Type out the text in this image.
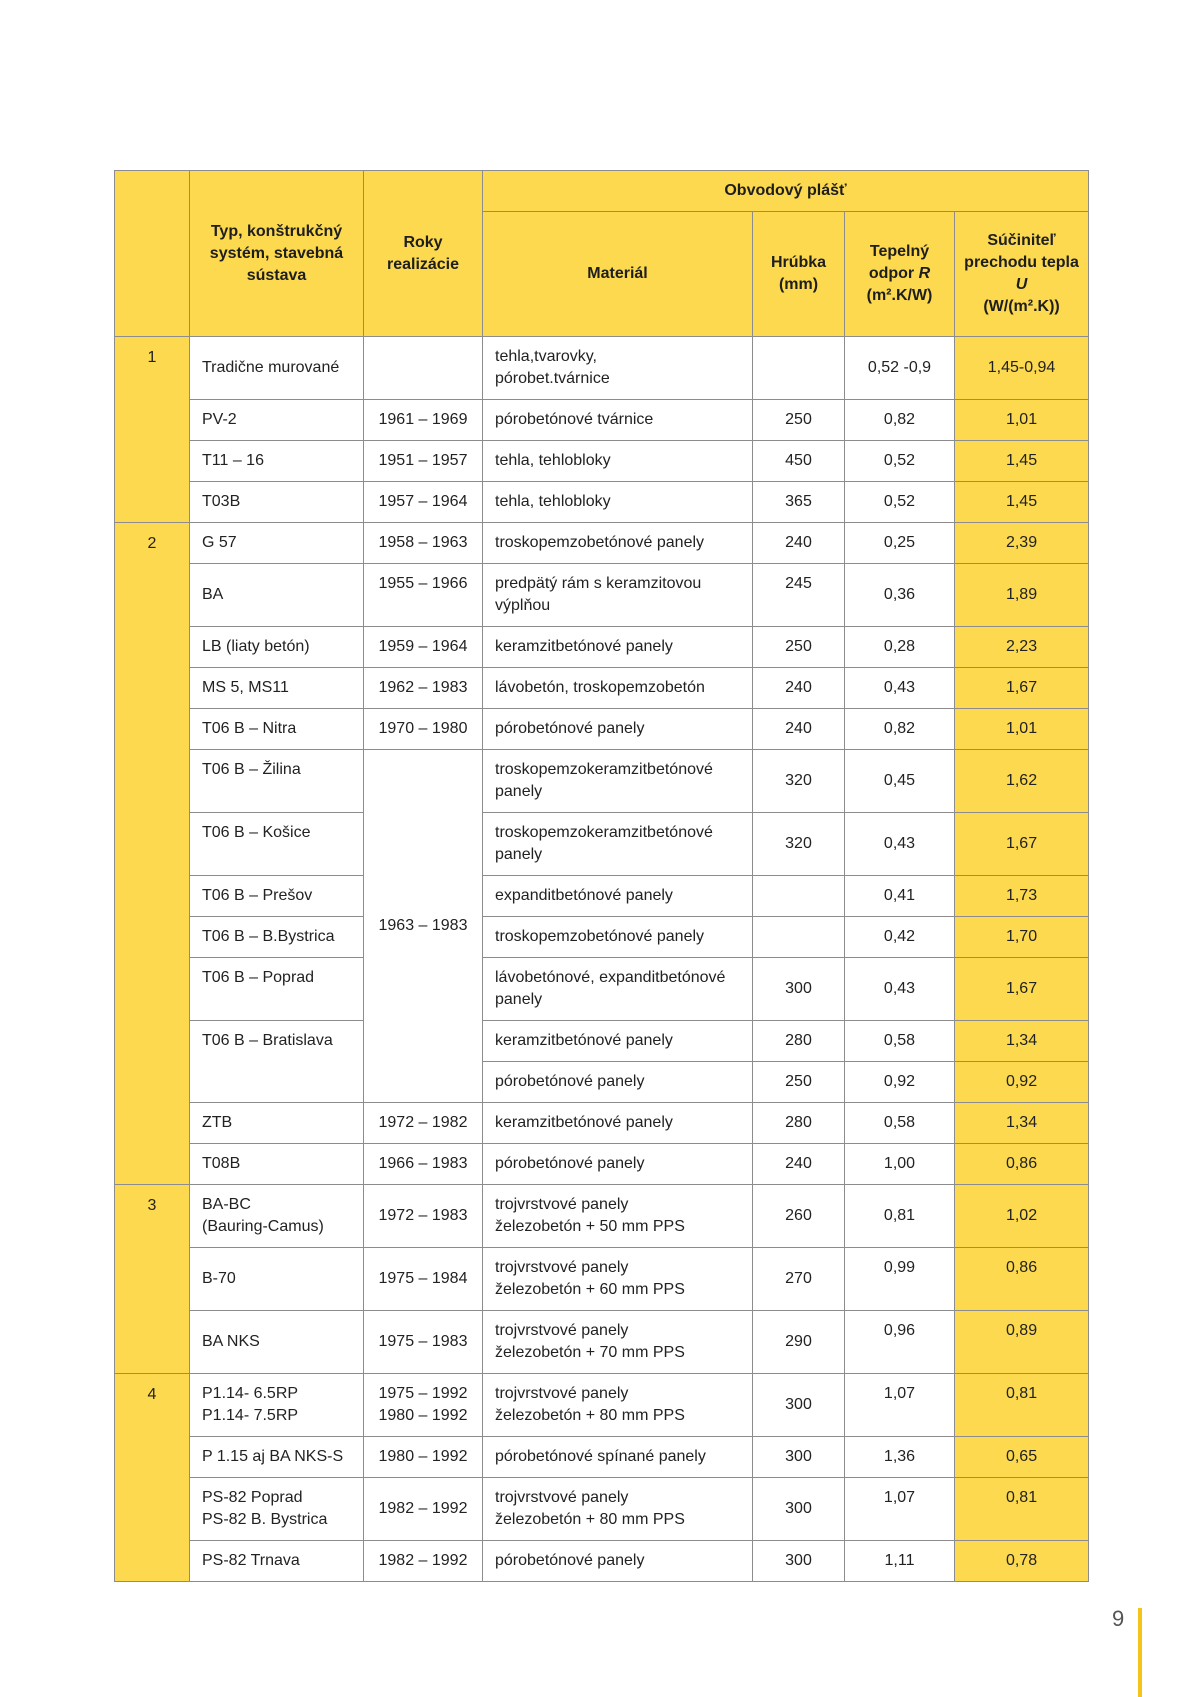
	Typ, konštrukčný systém, stavebná sústava	Roky realizácie	Obvodový plášť			
			Materiál	Hrúbka (mm)	Tepelný odpor R
(m².K/W)	Súčiniteľ prechodu tepla U
(W/(m².K))
1	Tradične murované		tehla,tvarovky,
pórobet.tvárnice		0,52 -0,9	1,45-0,94
	PV-2	1961 – 1969	pórobetónové tvárnice	250	0,82	1,01
	T11 – 16	1951 – 1957	tehla, tehlobloky	450	0,52	1,45
	T03B	1957 – 1964	tehla, tehlobloky	365	0,52	1,45
2	G 57	1958 – 1963	troskopemzobetónové panely	240	0,25	2,39
	BA	1955 – 1966	predpätý rám s keramzitovou
výplňou	245	0,36	1,89
	LB (liaty betón)	1959 – 1964	keramzitbetónové panely	250	0,28	2,23
	MS 5, MS11	1962 – 1983	lávobetón, troskopemzobetón	240	0,43	1,67
	T06 B – Nitra	1970 – 1980	pórobetónové panely	240	0,82	1,01
	T06 B – Žilina	1963 – 1983	troskopemzokeramzitbetónové
panely	320	0,45	1,62
	T06 B – Košice		troskopemzokeramzitbetónové
panely	320	0,43	1,67
	T06 B – Prešov		expanditbetónové panely		0,41	1,73
	T06 B – B.Bystrica		troskopemzobetónové panely		0,42	1,70
	T06 B – Poprad		lávobetónové, expanditbetónové
panely	300	0,43	1,67
	T06 B – Bratislava		keramzitbetónové panely	280	0,58	1,34
			pórobetónové panely	250	0,92	0,92
	ZTB	1972 – 1982	keramzitbetónové panely	280	0,58	1,34
	T08B	1966 – 1983	pórobetónové panely	240	1,00	0,86
3	BA-BC
(Bauring-Camus)	1972 – 1983	trojvrstvové panely
železobetón + 50 mm PPS	260	0,81	1,02
	B-70	1975 – 1984	trojvrstvové panely
železobetón + 60 mm PPS	270	0,99	0,86
	BA NKS	1975 – 1983	trojvrstvové panely
železobetón + 70 mm PPS	290	0,96	0,89
4	P1.14- 6.5RP
P1.14- 7.5RP	1975 – 1992
1980 – 1992	trojvrstvové panely
železobetón + 80 mm PPS	300	1,07	0,81
	P 1.15 aj BA NKS-S	1980 – 1992	pórobetónové spínané panely	300	1,36	0,65
	PS-82 Poprad
PS-82 B. Bystrica	1982 – 1992	trojvrstvové panely
železobetón + 80 mm PPS	300	1,07	0,81
	PS-82 Trnava	1982 – 1992	pórobetónové panely	300	1,11	0,78
9
